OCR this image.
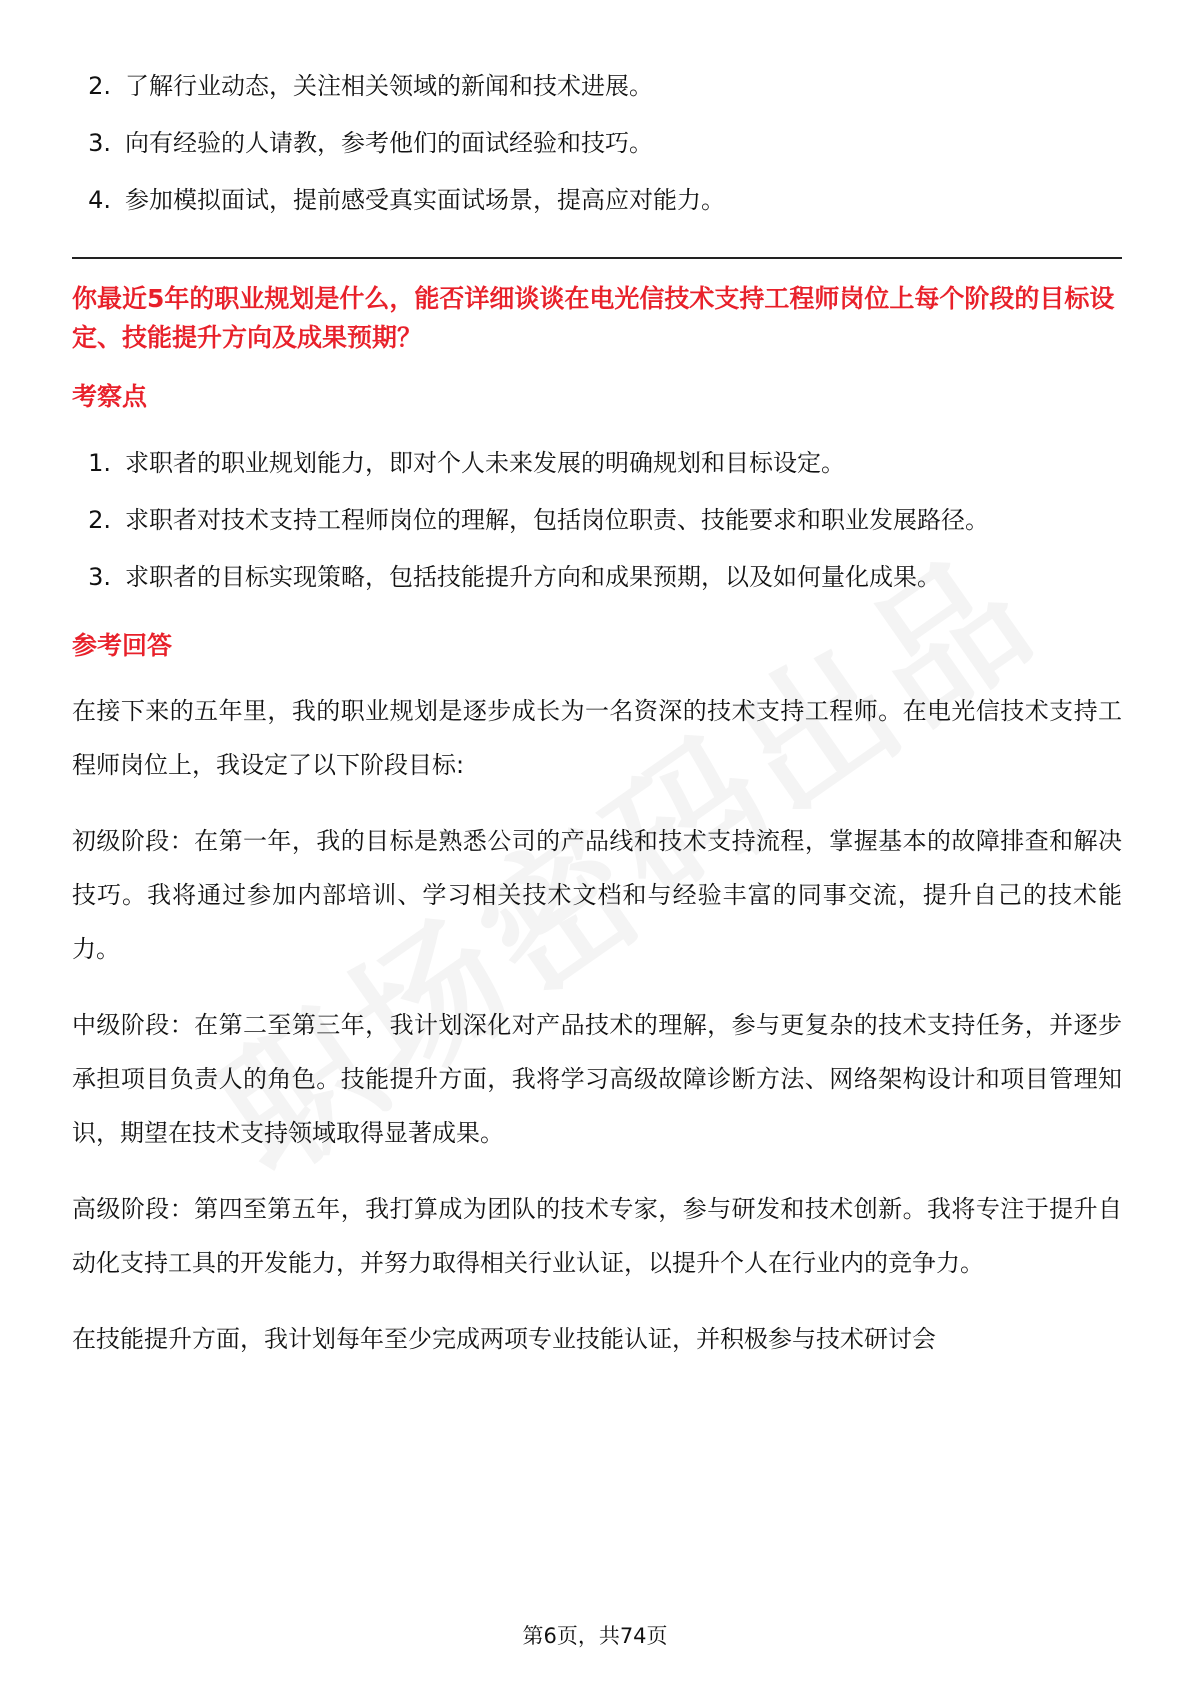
2. 了解行业动态，关注相关领域的新闻和技术进展。
3. 向有经验的人请教，参考他们的面试经验和技巧。
4. 参加模拟面试，提前感受真实面试场景，提高应对能力。

你最近5年的职业规划是什么，能否详细谈谈在电光信技术支持工程师岗位上每个阶段的目标设定、技能提升方向及成果预期？

考察点
1. 求职者的职业规划能力，即对个人未来发展的明确规划和目标设定。
2. 求职者对技术支持工程师岗位的理解，包括岗位职责、技能要求和职业发展路径。
3. 求职者的目标实现策略，包括技能提升方向和成果预期，以及如何量化成果。
参考回答

在接下来的五年里，我的职业规划是逐步成长为一名资深的技术支持工程师。在电光信技术支持工程师岗位上，我设定了以下阶段目标:

初级阶段：在第一年，我的目标是熟悉公司的产品线和技术支持流程，掌握基本的故障排查和解决技巧。我将通过参加内部培训、学习相关技术文档和与经验丰富的同事交流，提升自己的技术能力。

中级阶段：在第二至第三年，我计划深化对产品技术的理解，参与更复杂的技术支持任务，并逐步承担项目负责人的角色。技能提升方面，我将学习高级故障诊断方法、网络架构设计和项目管理知识，期望在技术支持领域取得显著成果。

高级阶段：第四至第五年，我打算成为团队的技术专家，参与研发和技术创新。我将专注于提升自动化支持工具的开发能力，并努力取得相关行业认证，以提升个人在行业内的竞争力。

在技能提升方面，我计划每年至少完成两项专业技能认证，并积极参与技术研讨会

第6页，共74页
